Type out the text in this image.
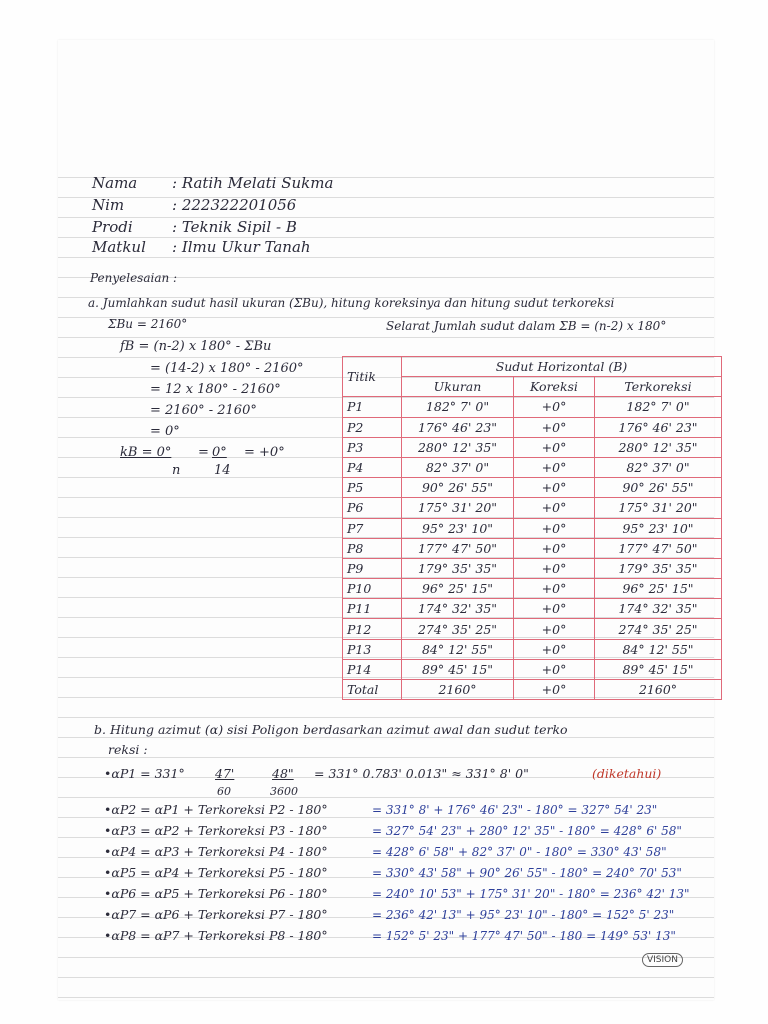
Nama : Ratih Melati Sukma
Nim	: 222322201056
Prodi	: Teknik Sipil - B
Matkul : Ilmu Ukur Tanah
Penyelesaian :
a. Jumlahkan sudut hasil ukuran (ΣBu), hitung koreksinya dan hitung sudut terkoreksi
ΣBu = 2160°	Selarat Jumlah sudut dalam ΣB = (n-2) x 180°
fB = (n-2) x 180° - ΣBu
= (14-2) x 180° - 2160°
= 12 x 180° - 2160°
= 2160° - 2160°
= 0°
kB = 0° = 0° = +0°
n	14
Titik	Sudut Horizontal (B)		
	Ukuran	Koreksi	Terkoreksi
P1	182° 7' 0"	+0°	182° 7' 0"
P2	176° 46' 23"	+0°	176° 46' 23"
P3	280° 12' 35"	+0°	280° 12' 35"
P4	82° 37' 0"	+0°	82° 37' 0"
P5	90° 26' 55"	+0°	90° 26' 55"
P6	175° 31' 20"	+0°	175° 31' 20"
P7	95° 23' 10"	+0°	95° 23' 10"
P8	177° 47' 50"	+0°	177° 47' 50"
P9	179° 35' 35"	+0°	179° 35' 35"
P10	96° 25' 15"	+0°	96° 25' 15"
P11	174° 32' 35"	+0°	174° 32' 35"
P12	274° 35' 25"	+0°	274° 35' 25"
P13	84° 12' 55"	+0°	84° 12' 55"
P14	89° 45' 15"	+0°	89° 45' 15"
Total	2160°	+0°	2160°
b. Hitung azimut (α) sisi Poligon berdasarkan azimut awal dan sudut terko
reksi :
•αP1 = 331° 47'	48"
60	3600
= 331° 0.783' 0.013" ≈ 331° 8' 0"	(diketahui)
•αP2 = αP1 + Terkoreksi P2 - 180°	= 331° 8' + 176° 46' 23" - 180° = 327° 54' 23"
•αP3 = αP2 + Terkoreksi P3 - 180°	= 327° 54' 23" + 280° 12' 35" - 180° = 428° 6' 58"
•αP4 = αP3 + Terkoreksi P4 - 180°	= 428° 6' 58" + 82° 37' 0" - 180° = 330° 43' 58"
•αP5 = αP4 + Terkoreksi P5 - 180°	= 330° 43' 58" + 90° 26' 55" - 180° = 240° 70' 53"
•αP6 = αP5 + Terkoreksi P6 - 180°	= 240° 10' 53" + 175° 31' 20" - 180° = 236° 42' 13"
•αP7 = αP6 + Terkoreksi P7 - 180°	= 236° 42' 13" + 95° 23' 10" - 180° = 152° 5' 23"
•αP8 = αP7 + Terkoreksi P8 - 180°	= 152° 5' 23" + 177° 47' 50" - 180 = 149° 53' 13"
VISION
